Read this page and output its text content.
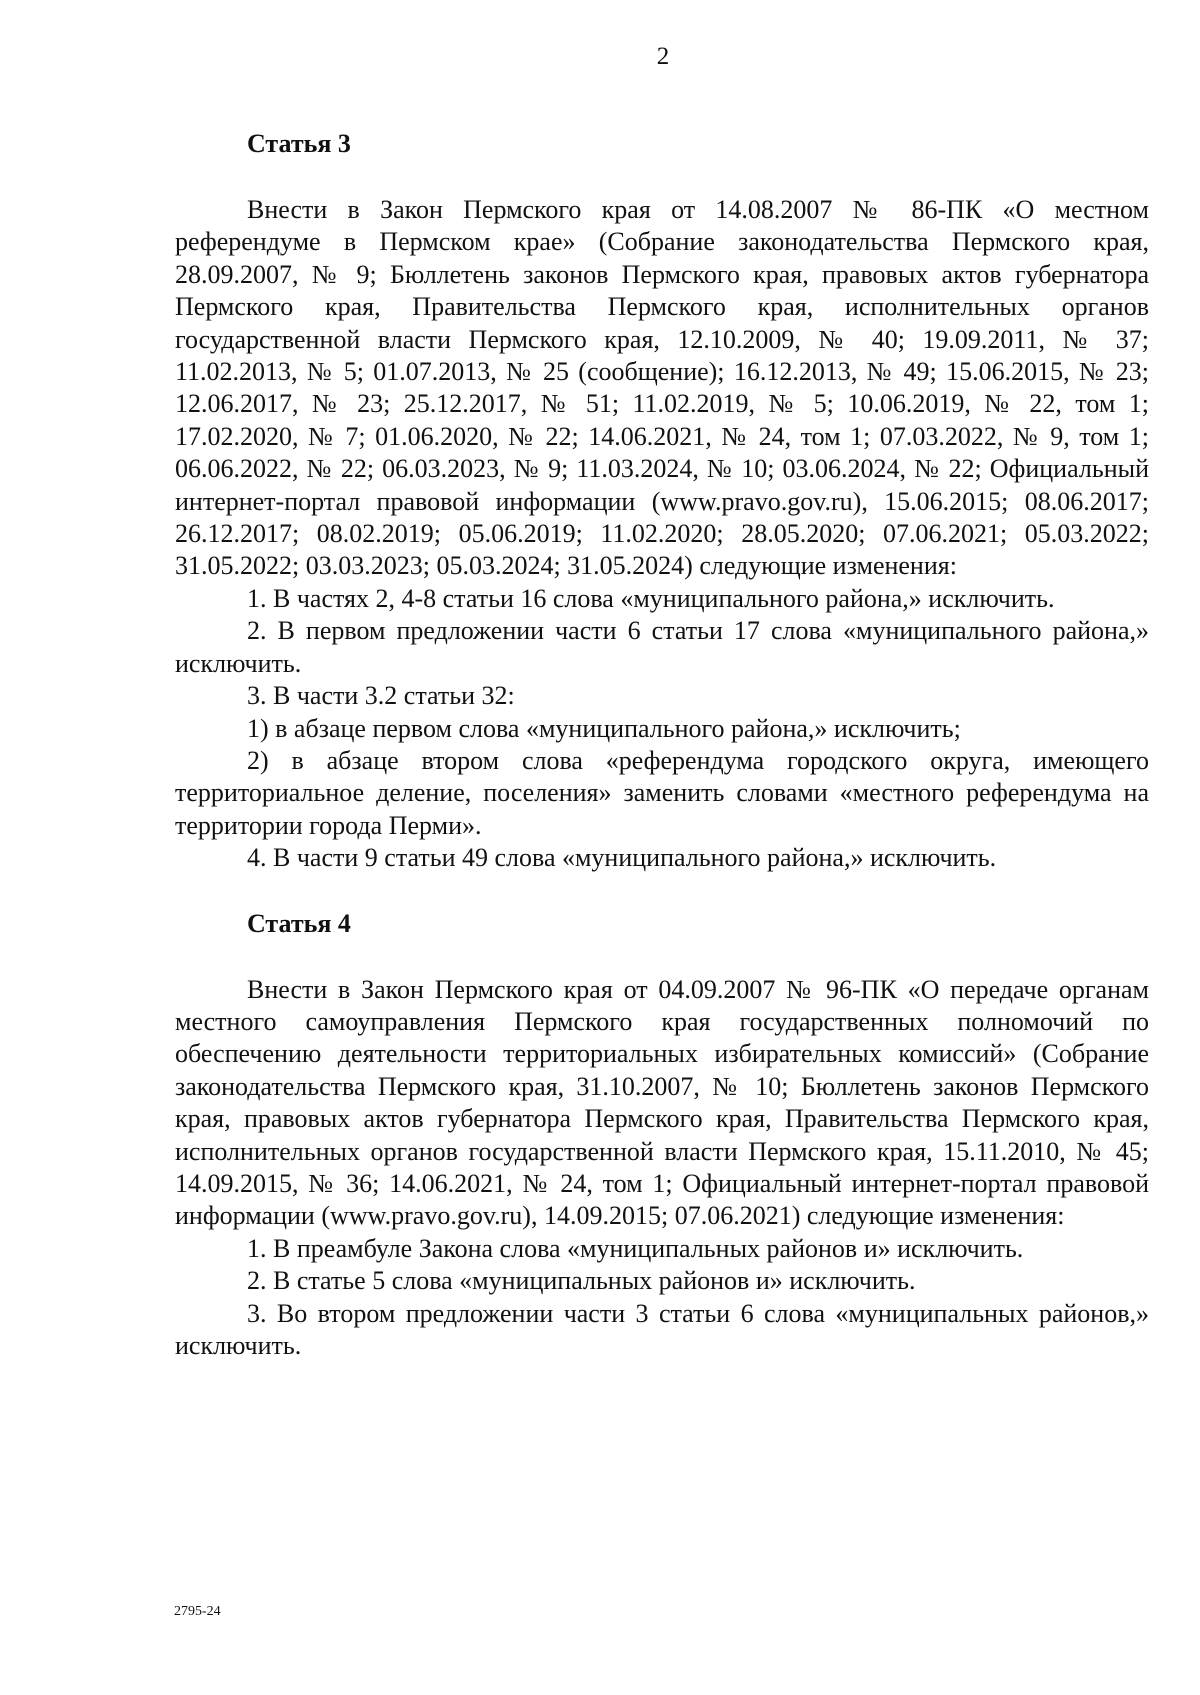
2
Статья 3

Внести в Закон Пермского края от 14.08.2007 № 86-ПК «О местном референдуме в Пермском крае» (Собрание законодательства Пермского края, 28.09.2007, № 9; Бюллетень законов Пермского края, правовых актов губернатора Пермского края, Правительства Пермского края, исполнительных органов государственной власти Пермского края, 12.10.2009, № 40; 19.09.2011, № 37; 11.02.2013, № 5; 01.07.2013, № 25 (сообщение); 16.12.2013, № 49; 15.06.2015, № 23; 12.06.2017, № 23; 25.12.2017, № 51; 11.02.2019, № 5; 10.06.2019, № 22, том 1; 17.02.2020, № 7; 01.06.2020, № 22; 14.06.2021, № 24, том 1; 07.03.2022, № 9, том 1; 06.06.2022, № 22; 06.03.2023, № 9; 11.03.2024, № 10; 03.06.2024, № 22; Официальный интернет-портал правовой информации (www.pravo.gov.ru), 15.06.2015; 08.06.2017; 26.12.2017; 08.02.2019; 05.06.2019; 11.02.2020; 28.05.2020; 07.06.2021; 05.03.2022; 31.05.2022; 03.03.2023; 05.03.2024; 31.05.2024) следующие изменения:

1. В частях 2, 4-8 статьи 16 слова «муниципального района,» исключить.

2. В первом предложении части 6 статьи 17 слова «муниципального района,» исключить.

3. В части 3.2 статьи 32:

1) в абзаце первом слова «муниципального района,» исключить;

2) в абзаце втором слова «референдума городского округа, имеющего территориальное деление, поселения» заменить словами «местного референдума на территории города Перми».

4. В части 9 статьи 49 слова «муниципального района,» исключить.

Статья 4

Внести в Закон Пермского края от 04.09.2007 № 96-ПК «О передаче органам местного самоуправления Пермского края государственных полномочий по обеспечению деятельности территориальных избирательных комиссий» (Собрание законодательства Пермского края, 31.10.2007, № 10; Бюллетень законов Пермского края, правовых актов губернатора Пермского края, Правительства Пермского края, исполнительных органов государственной власти Пермского края, 15.11.2010, № 45; 14.09.2015, № 36; 14.06.2021, № 24, том 1; Официальный интернет-портал правовой информации (www.pravo.gov.ru), 14.09.2015; 07.06.2021) следующие изменения:

1. В преамбуле Закона слова «муниципальных районов и» исключить.

2. В статье 5 слова «муниципальных районов и» исключить.

3. Во втором предложении части 3 статьи 6 слова «муниципальных районов,» исключить.

2795-24
